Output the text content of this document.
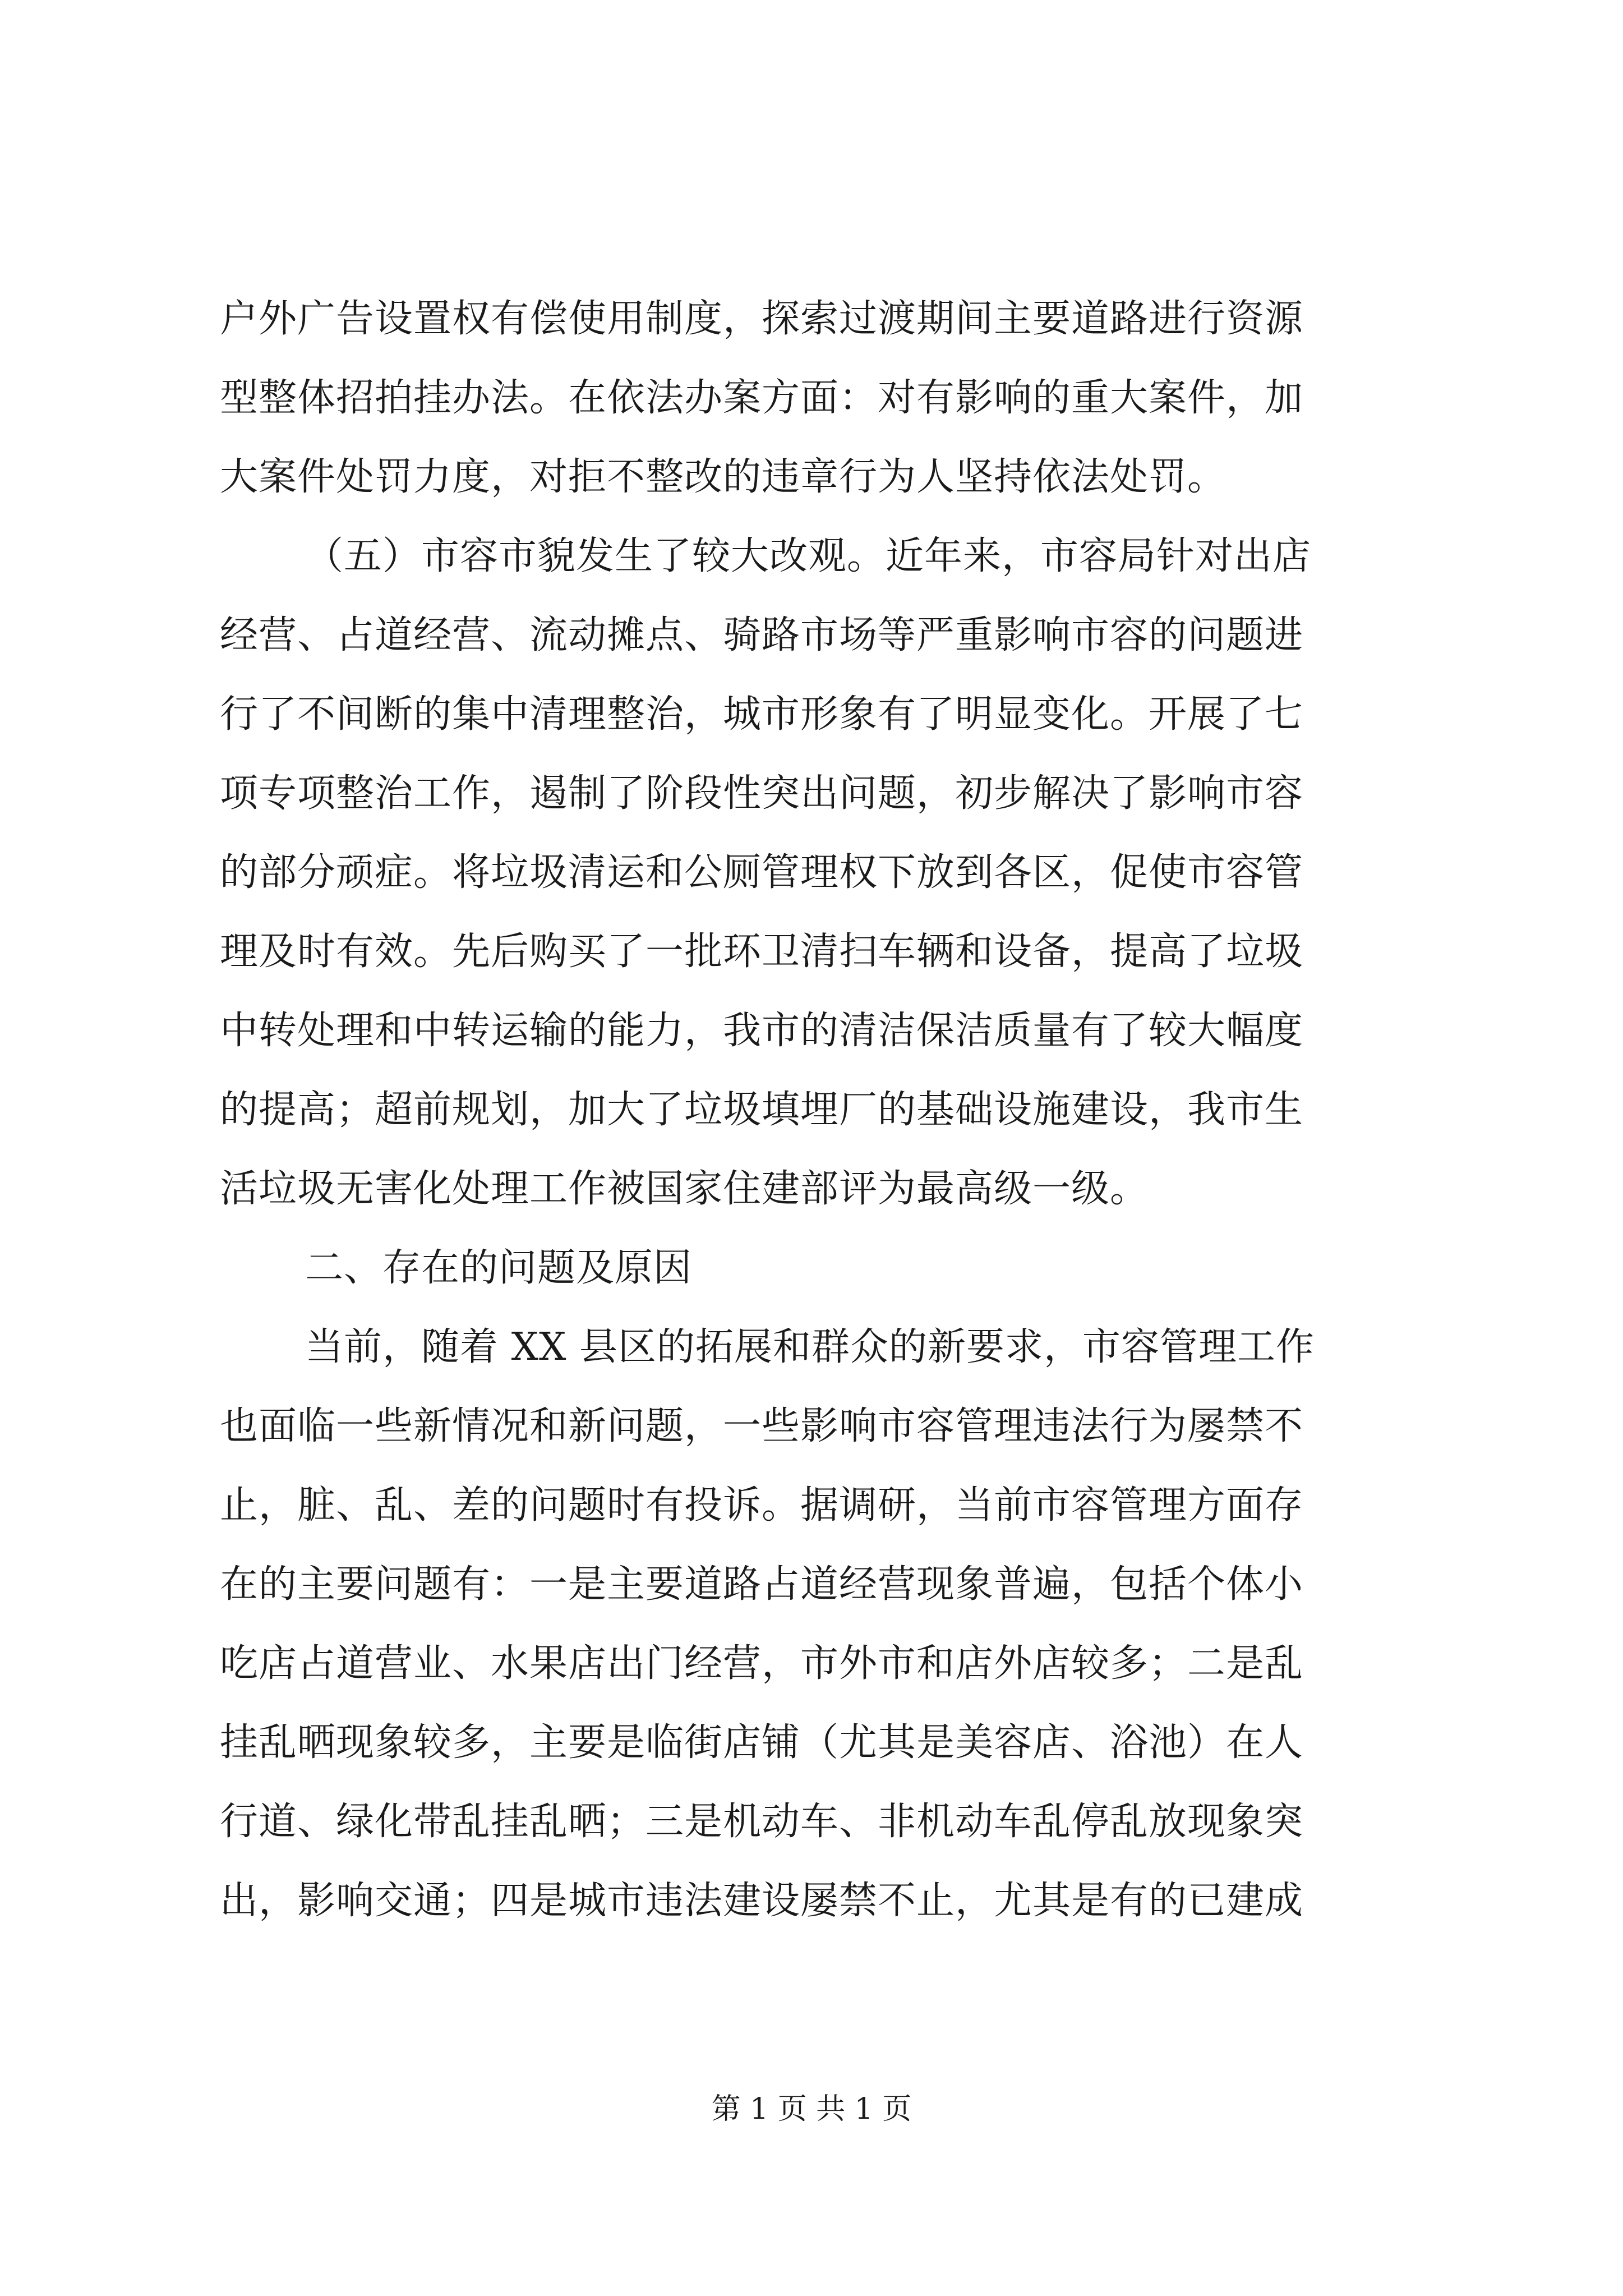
户外广告设置权有偿使用制度，探索过渡期间主要道路进行资源
型整体招拍挂办法。在依法办案方面：对有影响的重大案件，加
大案件处罚力度，对拒不整改的违章行为人坚持依法处罚。
（五）市容市貌发生了较大改观。近年来，市容局针对出店
经营、占道经营、流动摊点、骑路市场等严重影响市容的问题进
行了不间断的集中清理整治，城市形象有了明显变化。开展了七
项专项整治工作，遏制了阶段性突出问题，初步解决了影响市容
的部分顽症。将垃圾清运和公厕管理权下放到各区，促使市容管
理及时有效。先后购买了一批环卫清扫车辆和设备，提高了垃圾
中转处理和中转运输的能力，我市的清洁保洁质量有了较大幅度
的提高；超前规划，加大了垃圾填埋厂的基础设施建设，我市生
活垃圾无害化处理工作被国家住建部评为最高级一级。
二、存在的问题及原因
当前，随着 XX 县区的拓展和群众的新要求，市容管理工作
也面临一些新情况和新问题，一些影响市容管理违法行为屡禁不
止，脏、乱、差的问题时有投诉。据调研，当前市容管理方面存
在的主要问题有：一是主要道路占道经营现象普遍，包括个体小
吃店占道营业、水果店出门经营，市外市和店外店较多；二是乱
挂乱晒现象较多，主要是临街店铺（尤其是美容店、浴池）在人
行道、绿化带乱挂乱晒；三是机动车、非机动车乱停乱放现象突
出，影响交通；四是城市违法建设屡禁不止，尤其是有的已建成
第 1 页 共 1 页
